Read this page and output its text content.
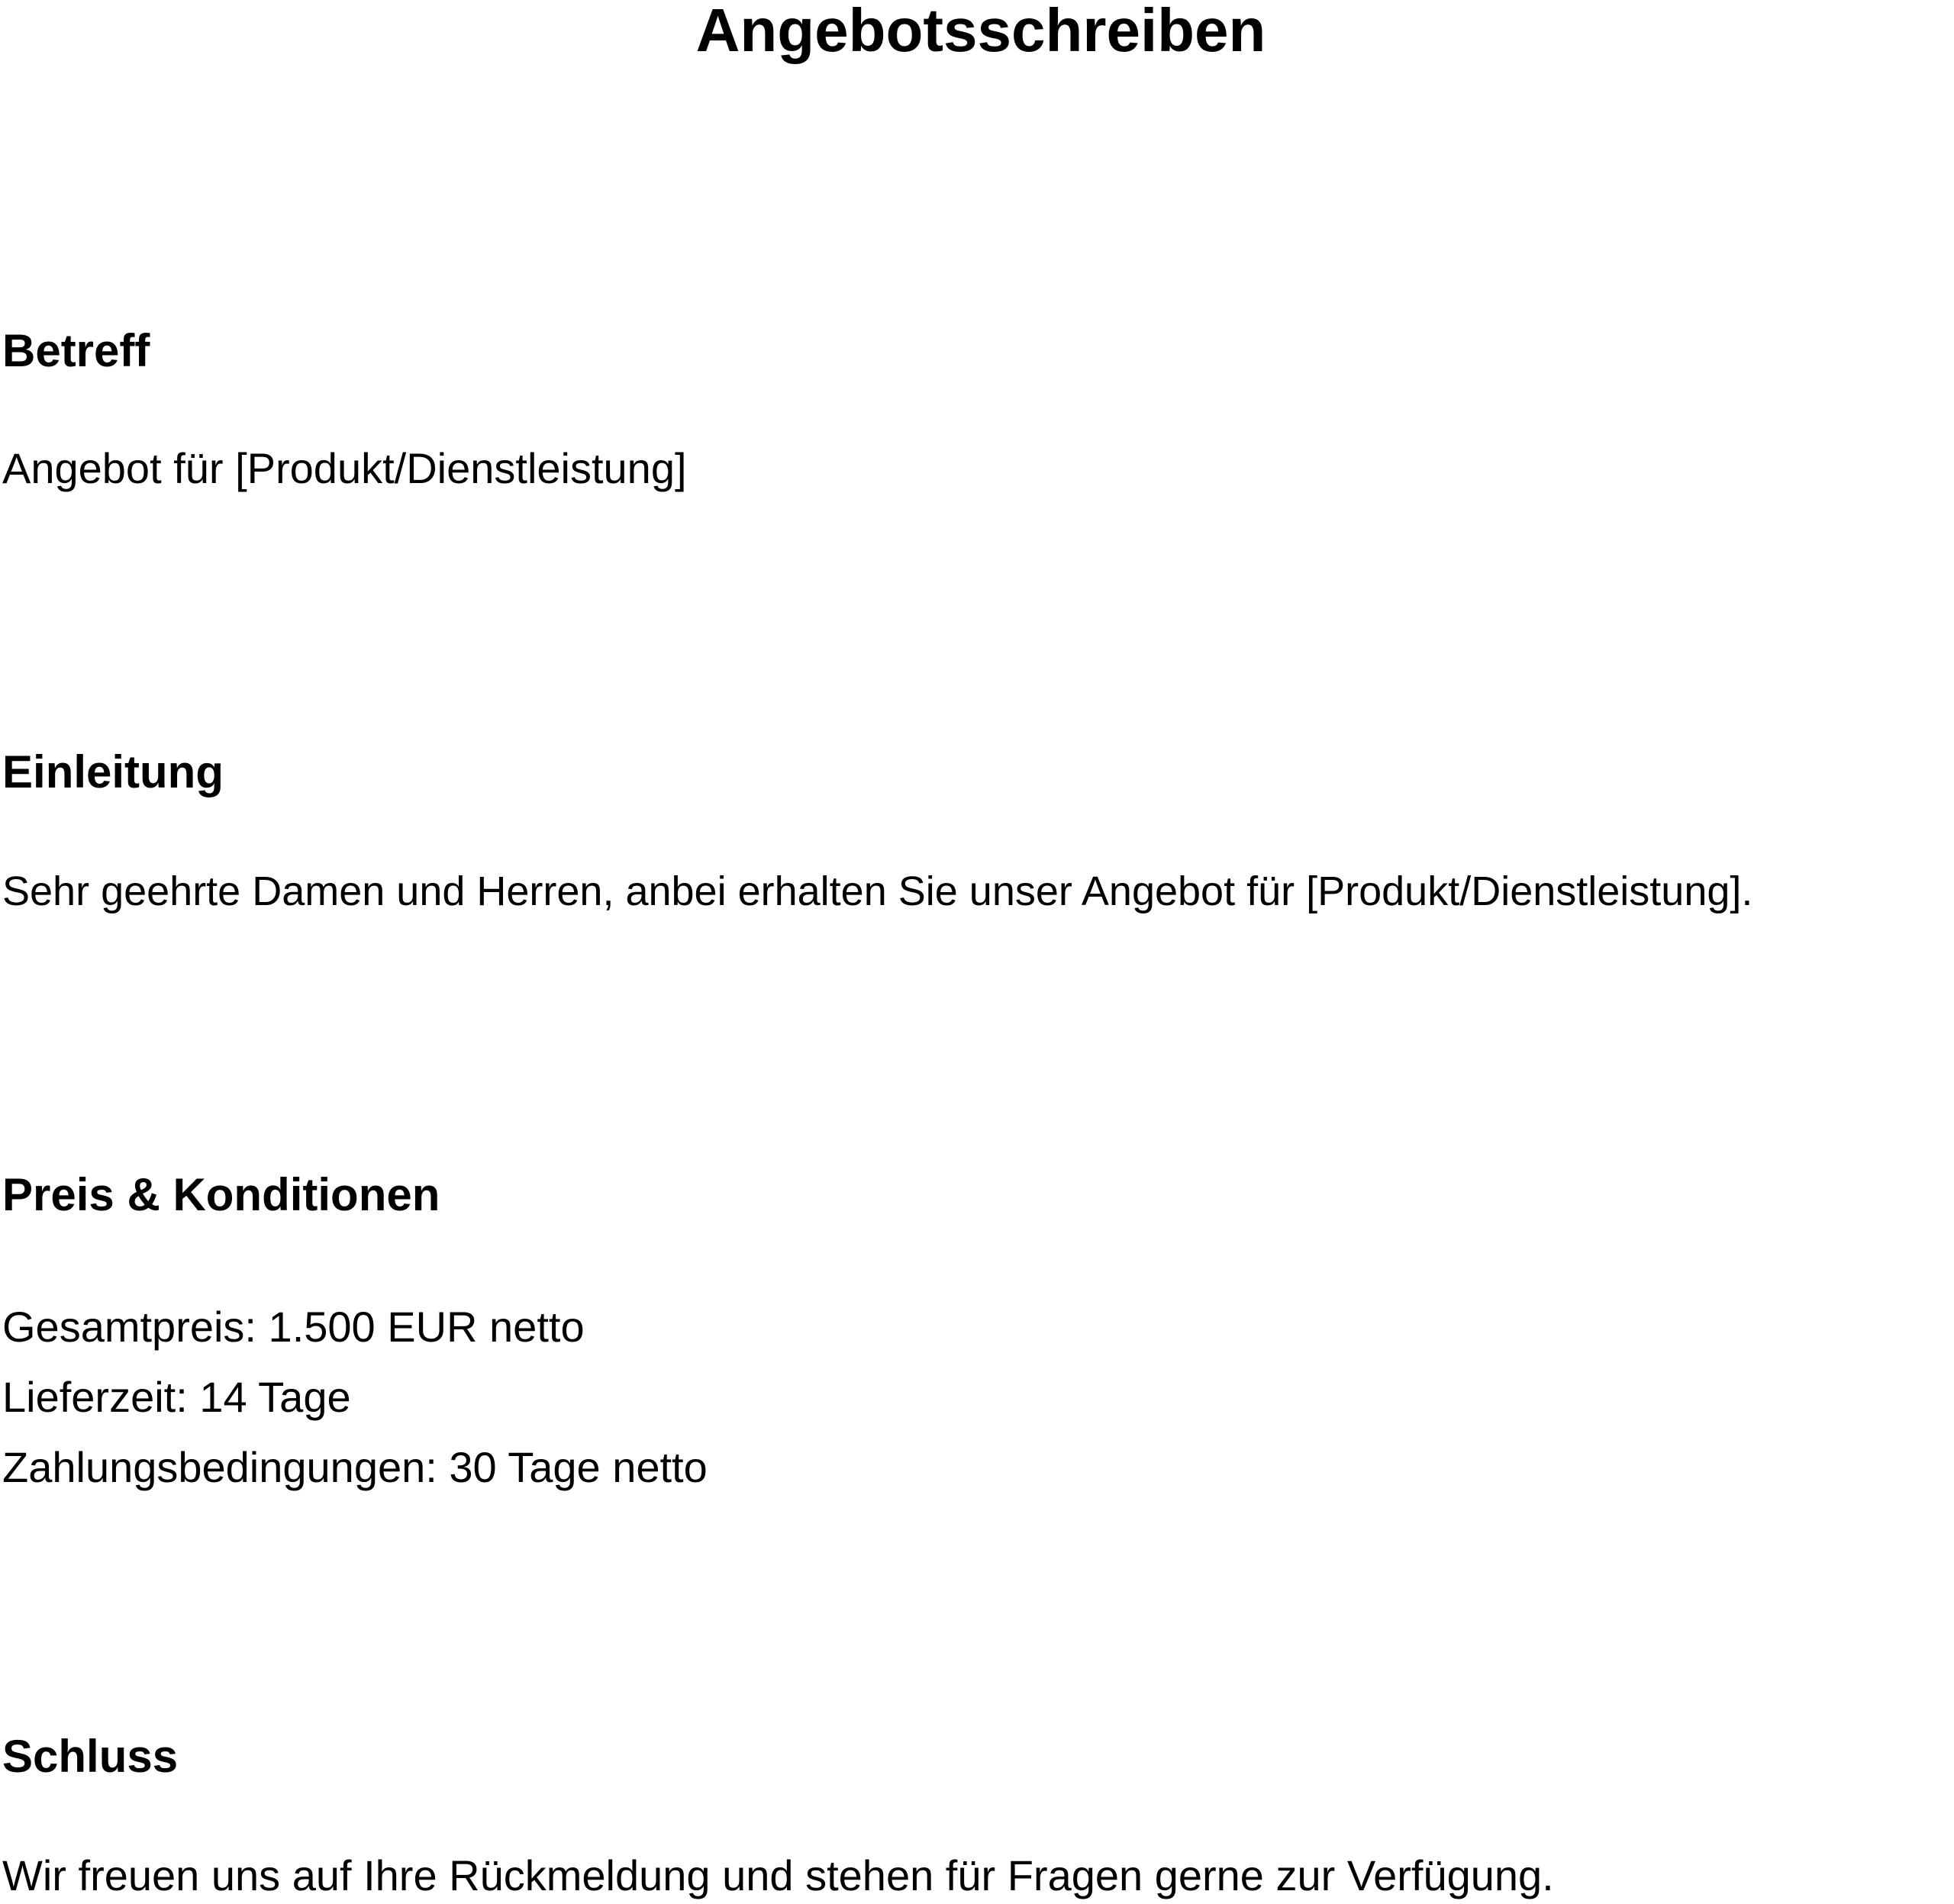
Angebotsschreiben
Betreff

Angebot für [Produkt/Dienstleistung]

Einleitung

Sehr geehrte Damen und Herren, anbei erhalten Sie unser Angebot für [Produkt/Dienstleistung].

Preis & Konditionen
Gesamtpreis: 1.500 EUR netto
Lieferzeit: 14 Tage
Zahlungsbedingungen: 30 Tage netto
Schluss

Wir freuen uns auf Ihre Rückmeldung und stehen für Fragen gerne zur Verfügung.
